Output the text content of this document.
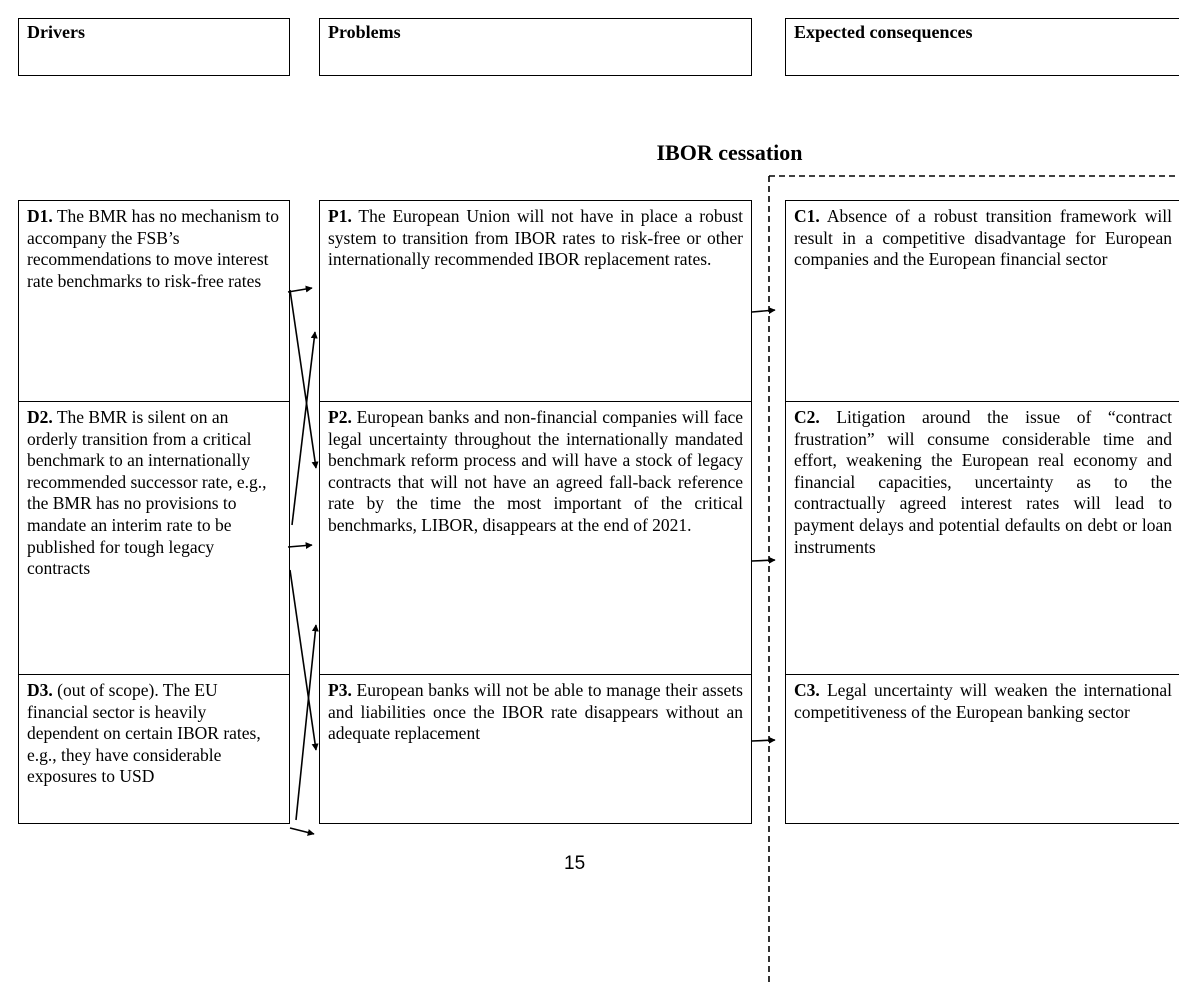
Drivers	Problems	Expected consequences
IBOR cessation
D1. The BMR has no mechanism to accompany the FSB’s recommendations to move interest rate benchmarks to risk-free rates
D2. The BMR is silent on an orderly transition from a critical benchmark to an internationally recommended successor rate, e.g., the BMR has no provisions to mandate an interim rate to be published for tough legacy contracts
D3. (out of scope). The EU financial sector is heavily dependent on certain IBOR rates, e.g., they have considerable exposures to USD
P1. The European Union will not have in place a robust system to transition from IBOR rates to risk-free or other internationally recommended IBOR replacement rates.
P2. European banks and non-financial companies will face legal uncertainty throughout the internationally mandated benchmark reform process and will have a stock of legacy contracts that will not have an agreed fall-back reference rate by the time the most important of the critical benchmarks, LIBOR, disappears at the end of 2021.
P3. European banks will not be able to manage their assets and liabilities once the IBOR rate disappears without an adequate replacement
C1. Absence of a robust transition framework will result in a competitive disadvantage for European companies and the European financial sector
C2. Litigation around the issue of “contract frustration” will consume considerable time and effort, weakening the European real economy and financial capacities, uncertainty as to the contractually agreed interest rates will lead to payment delays and potential defaults on debt or loan instruments
C3. Legal uncertainty will weaken the international competitiveness of the European banking sector
15
